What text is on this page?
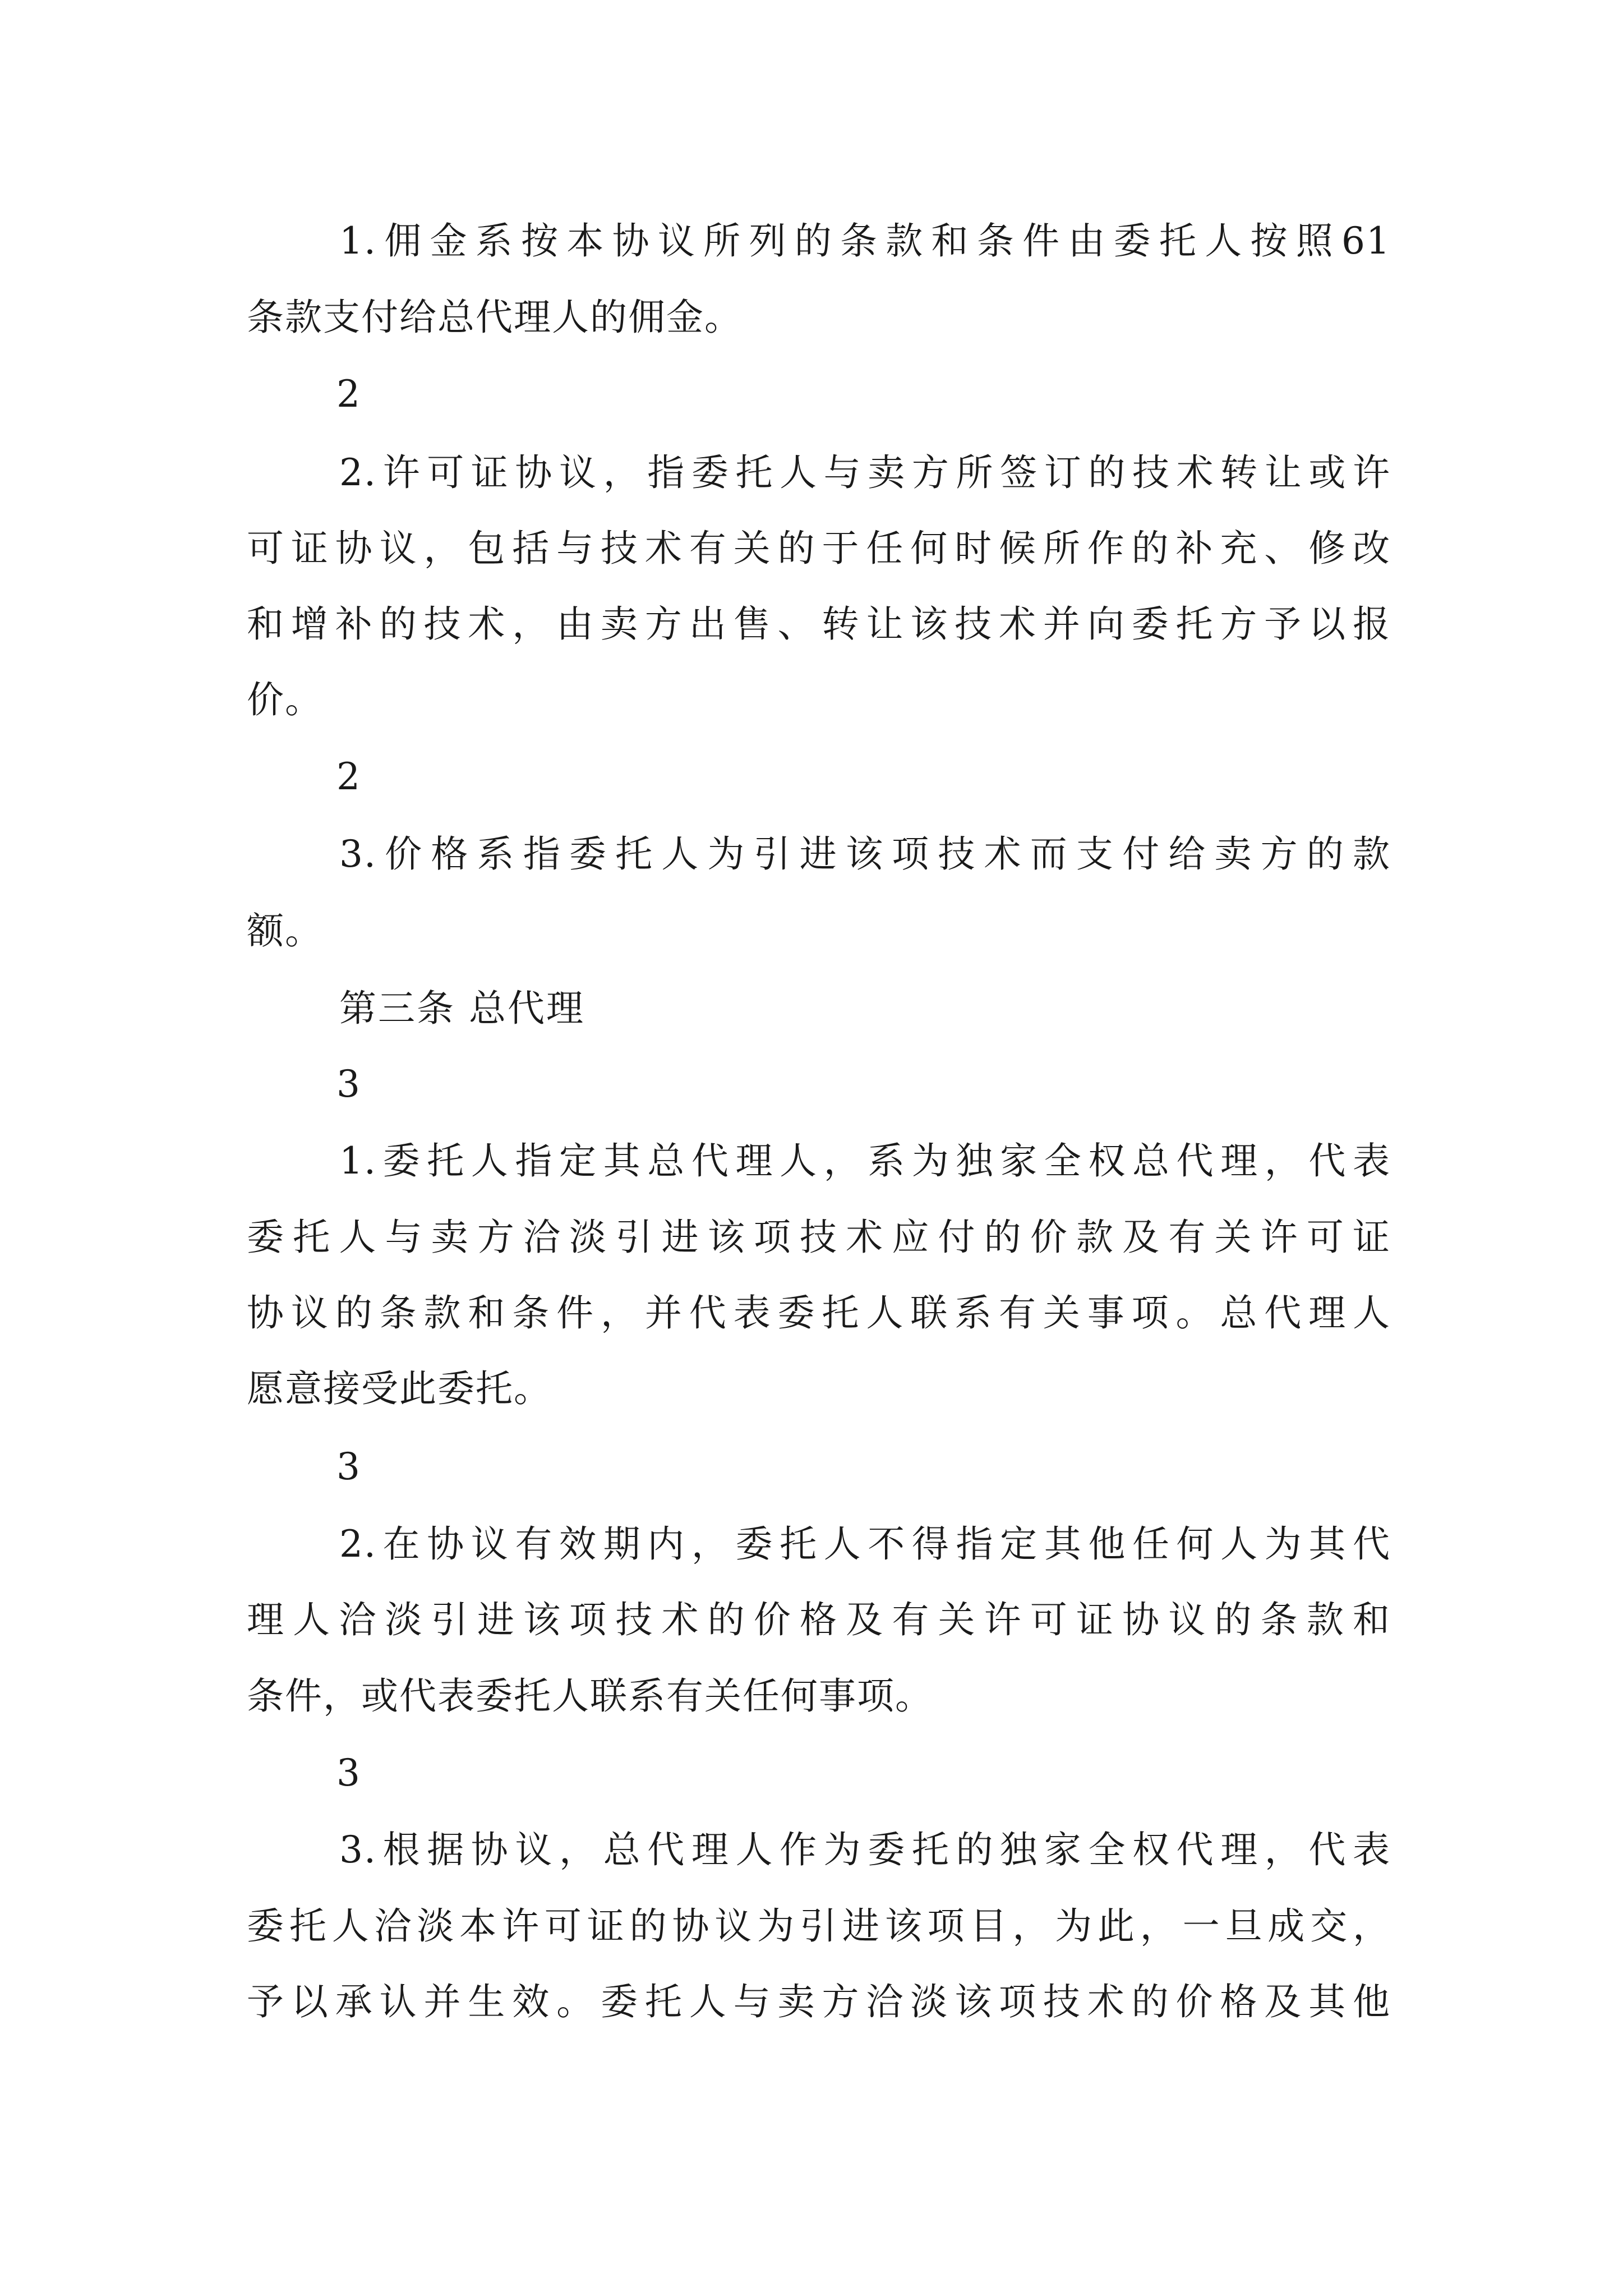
1.佣金系按本协议所列的条款和条件由委托人按照61
条款支付给总代理人的佣金。
2
2.许可证协议，指委托人与卖方所签订的技术转让或许
可证协议，包括与技术有关的于任何时候所作的补充、修改
和增补的技术，由卖方出售、转让该技术并向委托方予以报
价。
2
3.价格系指委托人为引进该项技术而支付给卖方的款
额。
第三条 总代理
3
1.委托人指定其总代理人，系为独家全权总代理，代表
委托人与卖方洽淡引进该项技术应付的价款及有关许可证
协议的条款和条件，并代表委托人联系有关事项。总代理人
愿意接受此委托。
3
2.在协议有效期内，委托人不得指定其他任何人为其代
理人洽淡引进该项技术的价格及有关许可证协议的条款和
条件，或代表委托人联系有关任何事项。
3
3.根据协议，总代理人作为委托的独家全权代理，代表
委托人洽淡本许可证的协议为引进该项目，为此，一旦成交，
予以承认并生效。委托人与卖方洽淡该项技术的价格及其他
